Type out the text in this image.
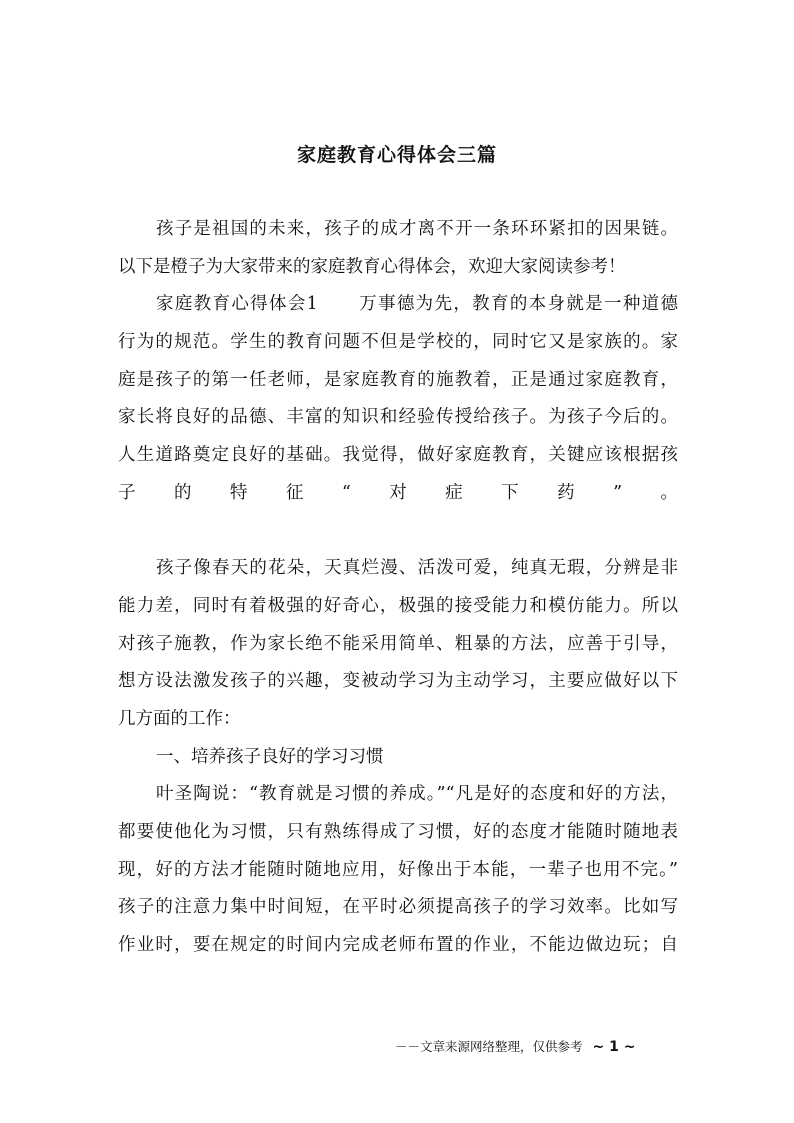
家庭教育心得体会三篇
孩子是祖国的未来，孩子的成才离不开一条环环紧扣的因果链。
以下是橙子为大家带来的家庭教育心得体会，欢迎大家阅读参考！
家庭教育心得体会1 万事德为先，教育的本身就是一种道德
行为的规范。学生的教育问题不但是学校的，同时它又是家族的。家
庭是孩子的第一任老师，是家庭教育的施教着，正是通过家庭教育，
家长将良好的品德、丰富的知识和经验传授给孩子。为孩子今后的。
人生道路奠定良好的基础。我觉得，做好家庭教育，关键应该根据孩
子的特征“对症下药”。
孩子像春天的花朵，天真烂漫、活泼可爱，纯真无瑕，分辨是非
能力差，同时有着极强的好奇心，极强的接受能力和模仿能力。所以
对孩子施教，作为家长绝不能采用简单、粗暴的方法，应善于引导，
想方设法激发孩子的兴趣，变被动学习为主动学习，主要应做好以下
几方面的工作：
一、培养孩子良好的学习习惯
叶圣陶说：“教育就是习惯的养成。”“凡是好的态度和好的方法，
都要使他化为习惯，只有熟练得成了习惯，好的态度才能随时随地表
现，好的方法才能随时随地应用，好像出于本能，一辈子也用不完。”
孩子的注意力集中时间短，在平时必须提高孩子的学习效率。比如写
作业时，要在规定的时间内完成老师布置的作业，不能边做边玩；自
－－文章来源网络整理，仅供参考 ~ 1 ~
